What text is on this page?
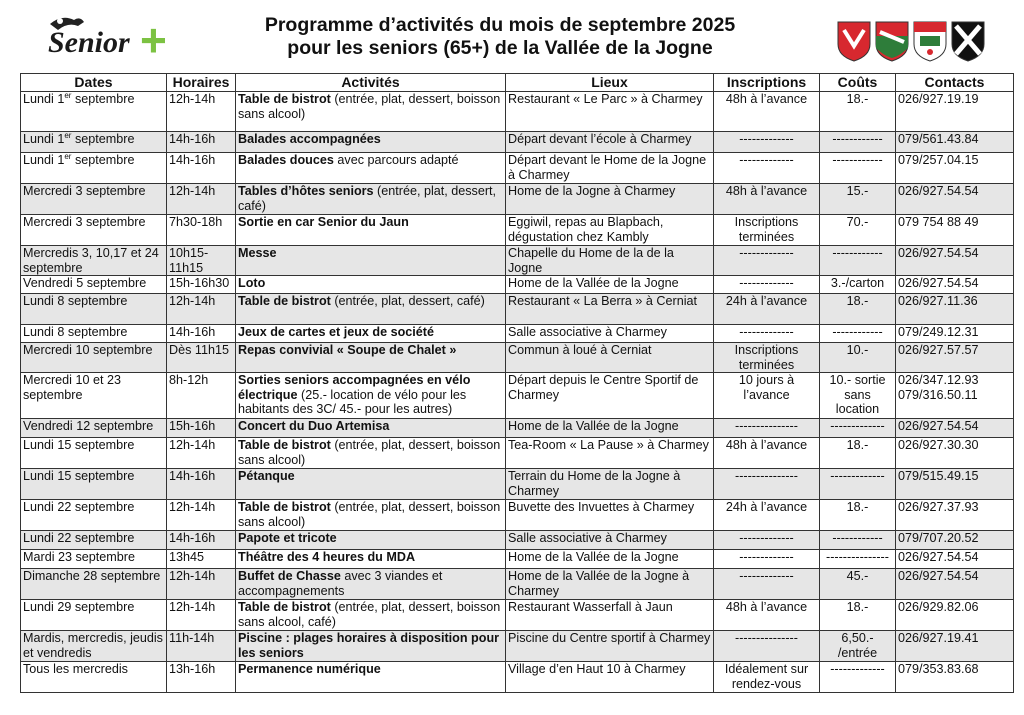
Senior +	Programme d’activités du mois de septembre 2025
pour les seniors (65+) de la Vallée de la Jogne
Dates	Horaires	Activités	Lieux	Inscriptions	Coûts	Contacts
Lundi 1er septembre	12h-14h	Table de bistrot (entrée, plat, dessert, boisson sans alcool)	Restaurant « Le Parc » à Charmey	48h à l’avance	18.-	026/927.19.19
Lundi 1er septembre	14h-16h	Balades accompagnées	Départ devant l’école à Charmey	-------------	------------	079/561.43.84
Lundi 1er septembre	14h-16h	Balades douces avec parcours adapté	Départ devant le Home de la Jogne à Charmey	-------------	------------	079/257.04.15
Mercredi 3 septembre	12h-14h	Tables d’hôtes seniors (entrée, plat, dessert, café)	Home de la Jogne à Charmey	48h à l’avance	15.-	026/927.54.54
Mercredi 3 septembre	7h30-18h	Sortie en car Senior du Jaun	Eggiwil, repas au Blapbach, dégustation chez Kambly	Inscriptions terminées	70.-	079 754 88 49
Mercredis 3, 10,17 et 24 septembre	10h15-11h15	Messe	Chapelle du Home de la de la Jogne	-------------	------------	026/927.54.54
Vendredi 5 septembre	15h-16h30	Loto	Home de la Vallée de la Jogne	-------------	3.-/carton	026/927.54.54
Lundi 8 septembre	12h-14h	Table de bistrot (entrée, plat, dessert, café)	Restaurant « La Berra » à Cerniat	24h à l’avance	18.-	026/927.11.36
Lundi 8 septembre	14h-16h	Jeux de cartes et jeux de société	Salle associative à Charmey	-------------	------------	079/249.12.31
Mercredi 10 septembre	Dès 11h15	Repas convivial « Soupe de Chalet »	Commun à loué à Cerniat	Inscriptions terminées	10.-	026/927.57.57
Mercredi 10 et 23 septembre	8h-12h	Sorties seniors accompagnées en vélo électrique (25.- location de vélo pour les habitants des 3C/ 45.- pour les autres)	Départ depuis le Centre Sportif de Charmey	10 jours à l’avance	10.- sortie sans location	026/347.12.93
079/316.50.11
Vendredi 12 septembre	15h-16h	Concert du Duo Artemisa	Home de la Vallée de la Jogne	---------------	-------------	026/927.54.54
Lundi 15 septembre	12h-14h	Table de bistrot (entrée, plat, dessert, boisson sans alcool)	Tea-Room « La Pause » à Charmey	48h à l’avance	18.-	026/927.30.30
Lundi 15 septembre	14h-16h	Pétanque	Terrain du Home de la Jogne à Charmey	---------------	-------------	079/515.49.15
Lundi 22 septembre	12h-14h	Table de bistrot (entrée, plat, dessert, boisson sans alcool)	Buvette des Invuettes à Charmey	24h à l’avance	18.-	026/927.37.93
Lundi 22 septembre	14h-16h	Papote et tricote	Salle associative à Charmey	-------------	------------	079/707.20.52
Mardi 23 septembre	13h45	Théâtre des 4 heures du MDA	Home de la Vallée de la Jogne	-------------	---------------	026/927.54.54
Dimanche 28 septembre	12h-14h	Buffet de Chasse avec 3 viandes et accompagnements	Home de la Vallée de la Jogne à Charmey	-------------	45.-	026/927.54.54
Lundi 29 septembre	12h-14h	Table de bistrot (entrée, plat, dessert, boisson sans alcool, café)	Restaurant Wasserfall à Jaun	48h à l’avance	18.-	026/929.82.06
Mardis, mercredis, jeudis et vendredis	11h-14h	Piscine : plages horaires à disposition pour les seniors	Piscine du Centre sportif à Charmey	---------------	6,50.- /entrée	026/927.19.41
Tous les mercredis	13h-16h	Permanence numérique	Village d’en Haut 10 à Charmey	Idéalement sur rendez-vous	-------------	079/353.83.68
